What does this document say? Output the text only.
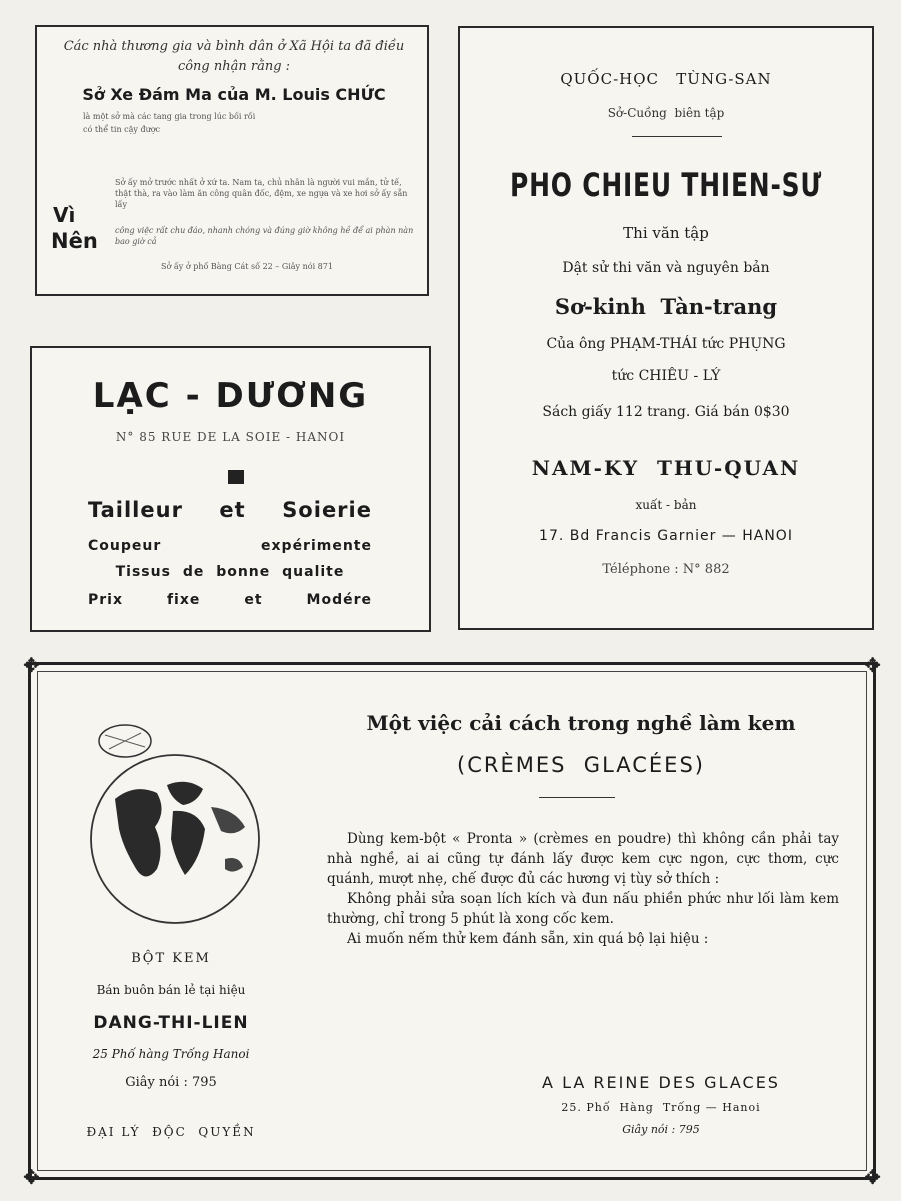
Các nhà thương gia và bình dân ở Xã Hội ta đã điều công nhận rằng :
Sở Xe Đám Ma của M. Louis CHỨC
là một sở mà các tang gia trong lúc bối rối
có thể tin cậy được
Vì
Sở ấy mở trước nhất ở xứ ta. Nam ta, chủ nhân là người vui mắn, tử tế, thật thà, ra vào làm ăn công quân đốc, đệm, xe ngựa và xe hơi sở ấy sẵn lấy
Nên công việc rất chu đáo, nhanh chóng và đúng giờ không hề để ai phàn nàn bao giờ cả
Sở ấy ở phố Bàng Cát số 22 – Giây nói 871
LẠC - DƯƠNG
N° 85 RUE DE LA SOIE - HANOI
Tailleur et Soierie
Coupeur	expérimente
Tissus de bonne qualite
Prix	fixe	et	Modére
QUỐC-HỌC   TÙNG-SAN
Sở-Cuồng  biên tập
PHO CHIEU THIEN-SƯ
Thi văn tập
Dật sử thi văn và nguyên bản
Sơ-kinh  Tàn-trang
Của ông PHẠM-THÁI tức PHỤNG
tức CHIÊU - LÝ
Sách giấy 112 trang. Giá bán 0$30
NAM-KY  THU-QUAN
xuất - bản
17. Bd Francis Garnier — HANOI
Téléphone : N° 882
✥	✥
✥	✥
BỘT KEM
Bán buôn bán lẻ tại hiệu
DANG-THI-LIEN
25 Phố hàng Trống Hanoi
Giây nói : 795
ĐẠI LÝ  ĐỘC  QUYỀN
Một việc cải cách trong nghề làm kem
(CRÈMES  GLACÉES)

Dùng kem-bột « Pronta » (crèmes en poudre) thì không cần phải tay nhà nghề, ai ai cũng tự đánh lấy được kem cực ngon, cực thơm, cực quánh, mượt nhẹ, chế được đủ các hương vị tùy sở thích :

Không phải sửa soạn lích kích và đun nấu phiền phức như lối làm kem thường, chỉ trong 5 phút là xong cốc kem.

Ai muốn nếm thử kem đánh sẵn, xin quá bộ lại hiệu :

A LA REINE DES GLACES
25. Phố  Hàng  Trống — Hanoi
Giây nói : 795
